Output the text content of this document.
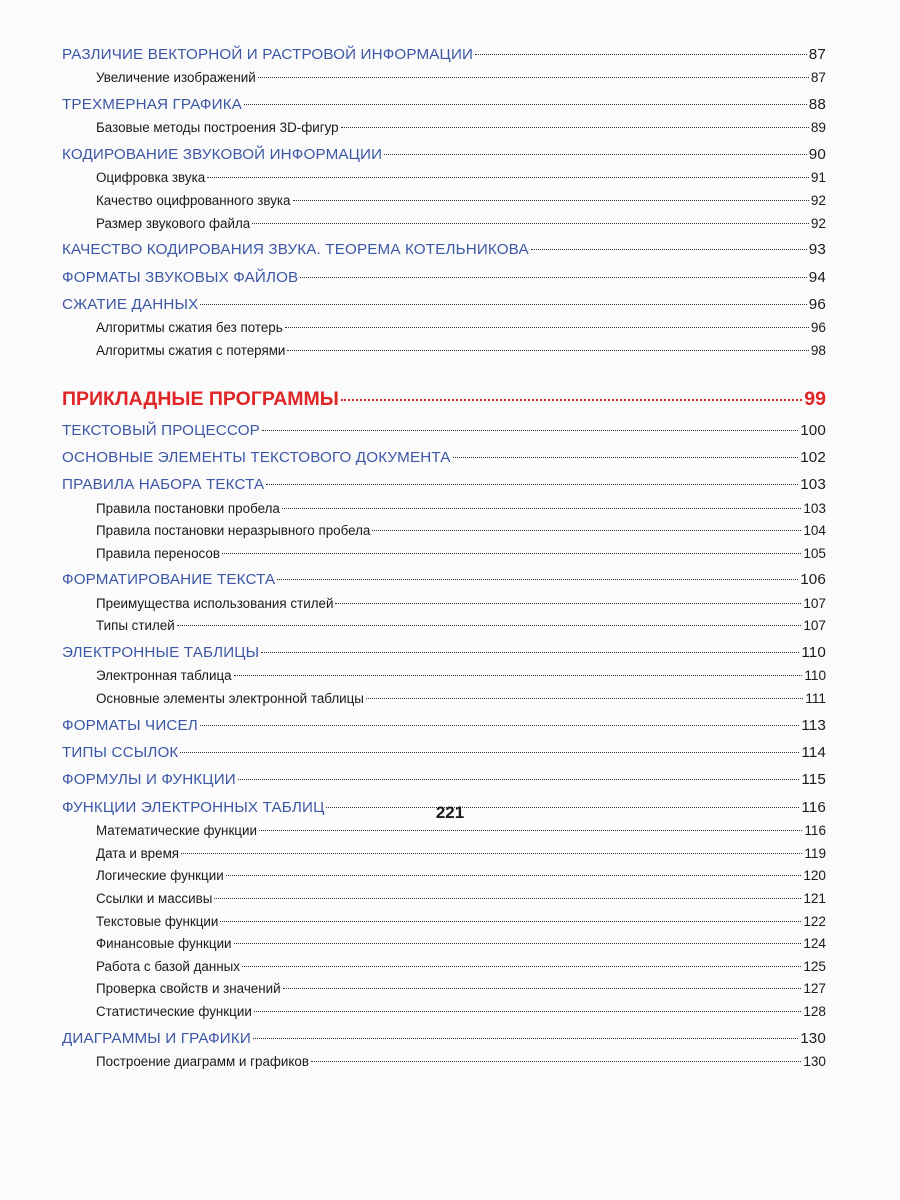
РАЗЛИЧИЕ ВЕКТОРНОЙ И РАСТРОВОЙ ИНФОРМАЦИИ	87
Увеличение изображений	87
ТРЕХМЕРНАЯ ГРАФИКА	88
Базовые методы построения 3D-фигур	89
КОДИРОВАНИЕ ЗВУКОВОЙ ИНФОРМАЦИИ	90
Оцифровка звука	91
Качество оцифрованного звука	92
Размер звукового файла	92
КАЧЕСТВО КОДИРОВАНИЯ ЗВУКА. ТЕОРЕМА КОТЕЛЬНИКОВА	93
ФОРМАТЫ ЗВУКОВЫХ ФАЙЛОВ	94
СЖАТИЕ ДАННЫХ	96
Алгоритмы сжатия без потерь	96
Алгоритмы сжатия с потерями	98
ПРИКЛАДНЫЕ ПРОГРАММЫ	99
ТЕКСТОВЫЙ ПРОЦЕССОР	100
ОСНОВНЫЕ ЭЛЕМЕНТЫ ТЕКСТОВОГО ДОКУМЕНТА	102
ПРАВИЛА НАБОРА ТЕКСТА	103
Правила постановки пробела	103
Правила постановки неразрывного пробела	104
Правила переносов	105
ФОРМАТИРОВАНИЕ ТЕКСТА	106
Преимущества использования стилей	107
Типы стилей	107
ЭЛЕКТРОННЫЕ ТАБЛИЦЫ	110
Электронная таблица	110
Основные элементы электронной таблицы	111
ФОРМАТЫ ЧИСЕЛ	113
ТИПЫ ССЫЛОК	114
ФОРМУЛЫ И ФУНКЦИИ	115
ФУНКЦИИ ЭЛЕКТРОННЫХ ТАБЛИЦ	116
Математические функции	116
Дата и время	119
Логические функции	120
Ссылки и массивы	121
Текстовые функции	122
Финансовые функции	124
Работа с базой данных	125
Проверка свойств и значений	127
Статистические функции	128
ДИАГРАММЫ И ГРАФИКИ	130
Построение диаграмм и графиков	130
221
